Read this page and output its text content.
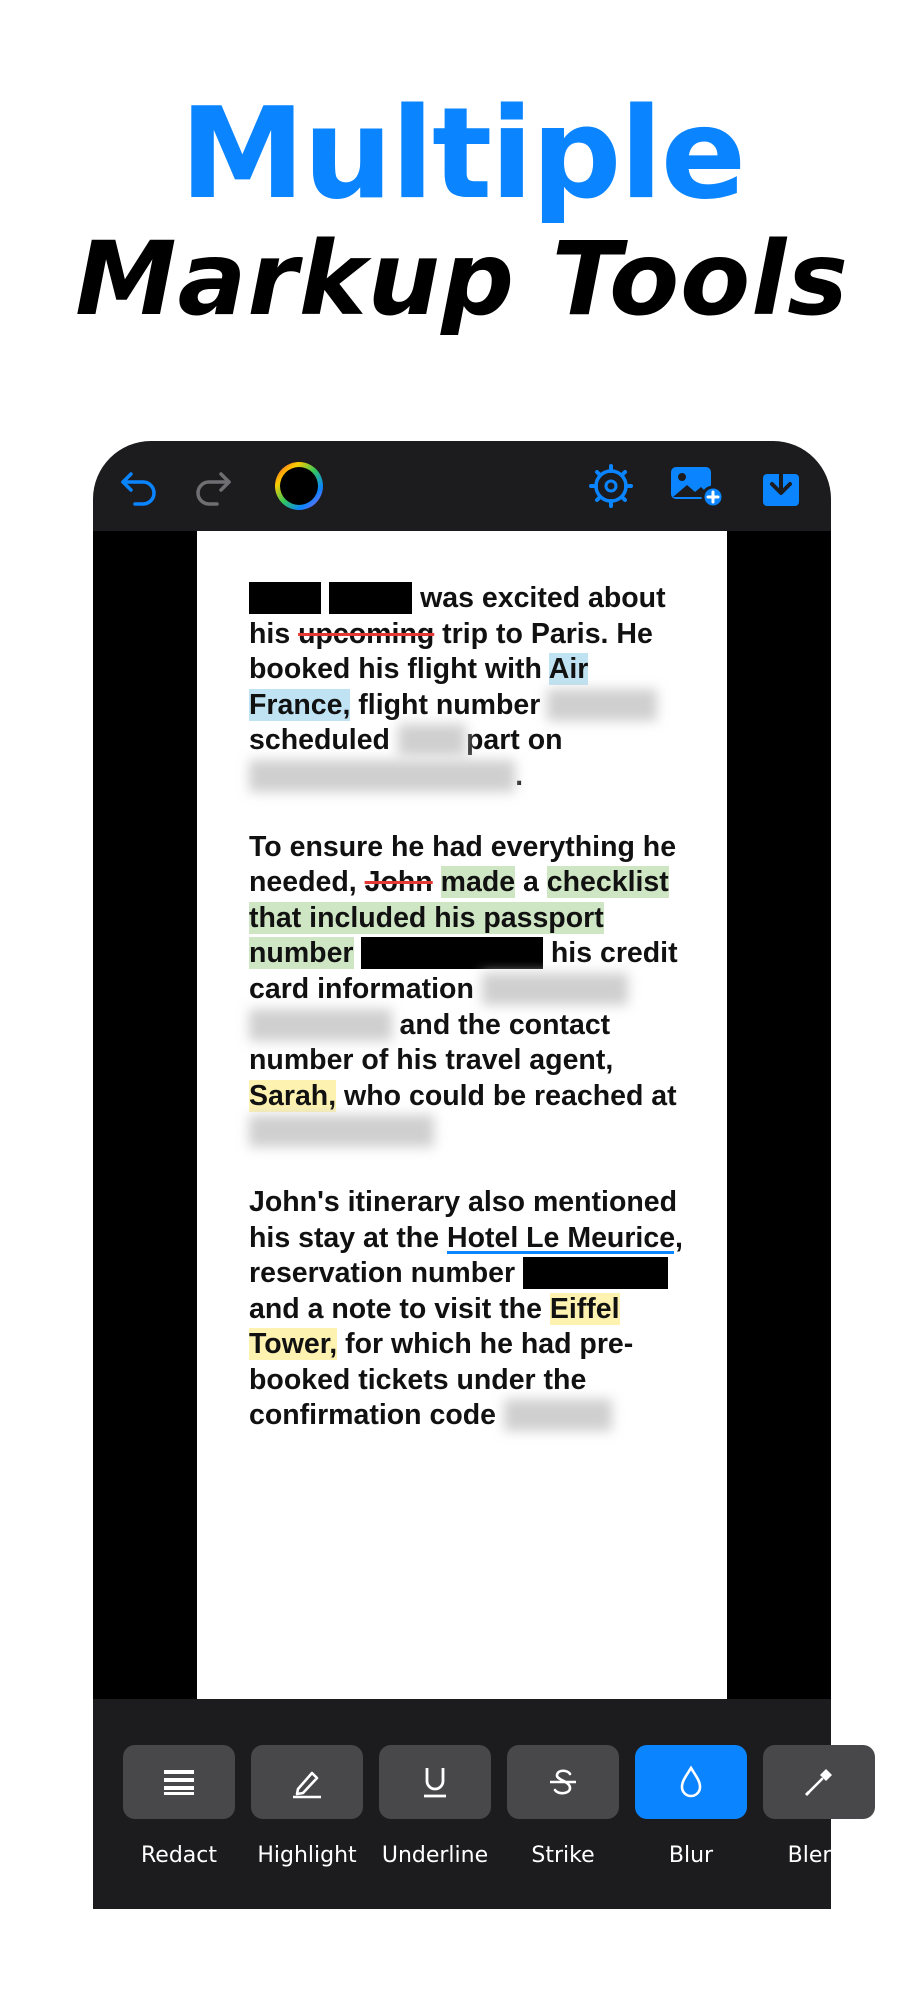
Multiple
Markup Tools

was excited about his upcoming trip to Paris. He booked his flight with Air France, flight number scheduled part on .

To ensure he had everything he needed, John made a checklist that included his passport number	his credit card information and the contact number of his travel agent, Sarah, who could be reached at

John's itinerary also mentioned his stay at the Hotel Le Meurice, reservation number and a note to visit the Eiffel Tower, for which he had pre-booked tickets under the confirmation code

Redact	Highlight Underline	Strike	Blur	Blend
